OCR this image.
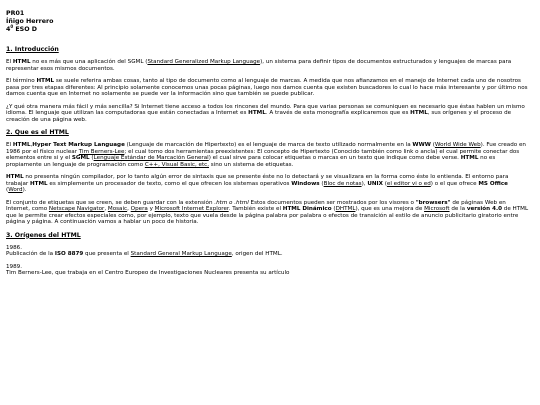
PR01
Íñigo Herrero
$4^0$ ESO D
1. Introducción

El HTML no es más que una aplicación del SGML (Standard Generalized Markup Language), un sistema para definir tipos de documentos estructurados y lenguajes de marcas para representar esos mismos documentos.

El término HTML se suele referira ambas cosas, tanto al tipo de documento como al lenguaje de marcas. A medida que nos afianzamos en el manejo de Internet cada uno de nosotros pasa por tres etapas diferentes: Al principio solamente conocemos unas pocas páginas, luego nos damos cuenta que existen buscadores lo cual lo hace más interesante y por último nos damos cuenta que en Internet no solamente se puede ver la información sino que también se puede publicar.

¿Y qué otra manera más fácil y más sencilla? Si Internet tiene acceso a todos los rincones del mundo. Para que varias personas se comuniquen es necesario que éstas hablen un mismo idioma. El lenguaje que utilizan las computadoras que están conectadas a Internet es HTML. A través de esta monografía explicaremos que es HTML, sus orígenes y el proceso de creación de una página web.

2. Que es el HTML

El HTML,Hyper Text Markup Language (Lenguaje de marcación de Hipertexto) es el lenguaje de marca de texto utilizado normalmente en la WWW (World Wide Web). Fue creado en 1986 por el físico nuclear Tim Berners-Lee; el cual tomo dos herramientas preexistentes: El concepto de Hipertexto (Conocido también como link o ancla) el cual permite conectar dos elementos entre si y el SGML (Lenguaje Estándar de Marcación General) el cual sirve para colocar etiquetas o marcas en un texto que indique como debe verse. HTML no es propiamente un lenguaje de programación como C++, Visual Basic, etc, sino un sistema de etiquetas.

HTML no presenta ningún compilador, por lo tanto algún error de sintaxis que se presente éste no lo detectará y se visualizara en la forma como éste lo entienda. El entorno para trabajar HTML es simplemente un procesador de texto, como el que ofrecen los sistemas operativos Windows (Bloc de notas), UNIX (el editor vi o ed) o el que ofrece MS Office (Word).

El conjunto de etiquetas que se creen, se deben guardar con la extensión .htm o .html Estos documentos pueden ser mostrados por los visores o "browsers" de páginas Web en Internet, como Netscape Navigator, Mosaic, Opera y Microsoft Internet Explorer. También existe el HTML Dinámico (DHTML), que es una mejora de Microsoft de la versión 4.0 de HTML que le permite crear efectos especiales como, por ejemplo, texto que vuela desde la página palabra por palabra o efectos de transición al estilo de anuncio publicitario giratorio entre página y página. A continuación vamos a hablar un poco de historia.

3. Orígenes del HTML

1986.

Publicación de la ISO 8879 que presenta el Standard General Markup Language, origen del HTML.

1989.

Tim Berners-Lee, que trabaja en el Centro Europeo de Investigaciones Nucleares presenta su artículo
